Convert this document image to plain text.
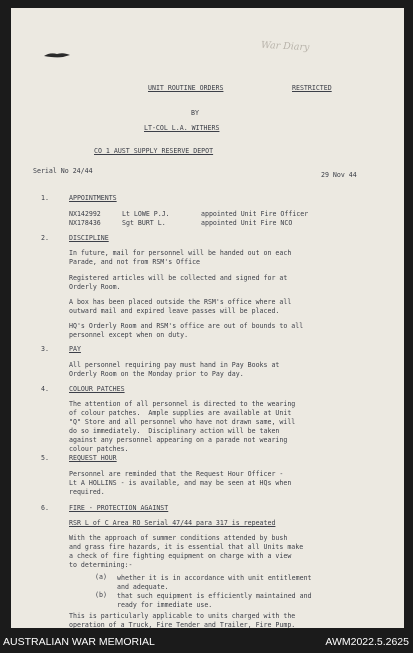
War Diary
UNIT ROUTINE ORDERS	RESTRICTED
BY
LT-COL L.A. WITHERS
CO 1 AUST SUPPLY RESERVE DEPOT
Serial No 24/44	29 Nov 44
1.	APPOINTMENTS
NX142992	Lt LOWE P.J.	appointed Unit Fire Officer
NX178436	Sgt BURT L.	appointed Unit Fire NCO
2.	DISCIPLINE
In future, mail for personnel will be handed out on each
Parade, and not from RSM's Office
Registered articles will be collected and signed for at
Orderly Room.
A box has been placed outside the RSM's office where all
outward mail and expired leave passes will be placed.
HQ's Orderly Room and RSM's office are out of bounds to all
personnel except when on duty.
3.	PAY
All personnel requiring pay must hand in Pay Books at
Orderly Room on the Monday prior to Pay day.
4.	COLOUR PATCHES
The attention of all personnel is directed to the wearing
of colour patches.  Ample supplies are available at Unit
"Q" Store and all personnel who have not drawn same, will
do so immediately.  Disciplinary action will be taken
against any personnel appearing on a parade not wearing
colour patches.
5.	REQUEST HOUR
Personnel are reminded that the Request Hour Officer -
Lt A HOLLINS - is available, and may be seen at HQs when
required.
6.	FIRE - PROTECTION AGAINST
RSR L of C Area RO Serial 47/44 para 317 is repeated
With the approach of summer conditions attended by bush
and grass fire hazards, it is essential that all Units make
a check of fire fighting equipment on charge with a view
to determining:-
(a) whether it is in accordance with unit entitlement
and adequate.
(b) that such equipment is efficiently maintained and
ready for immediate use.
This is particularly applicable to units charged with the
operation of a Truck, Fire Tender and Trailer, Fire Pump.
AUSTRALIAN WAR MEMORIAL	AWM2022.5.2625
